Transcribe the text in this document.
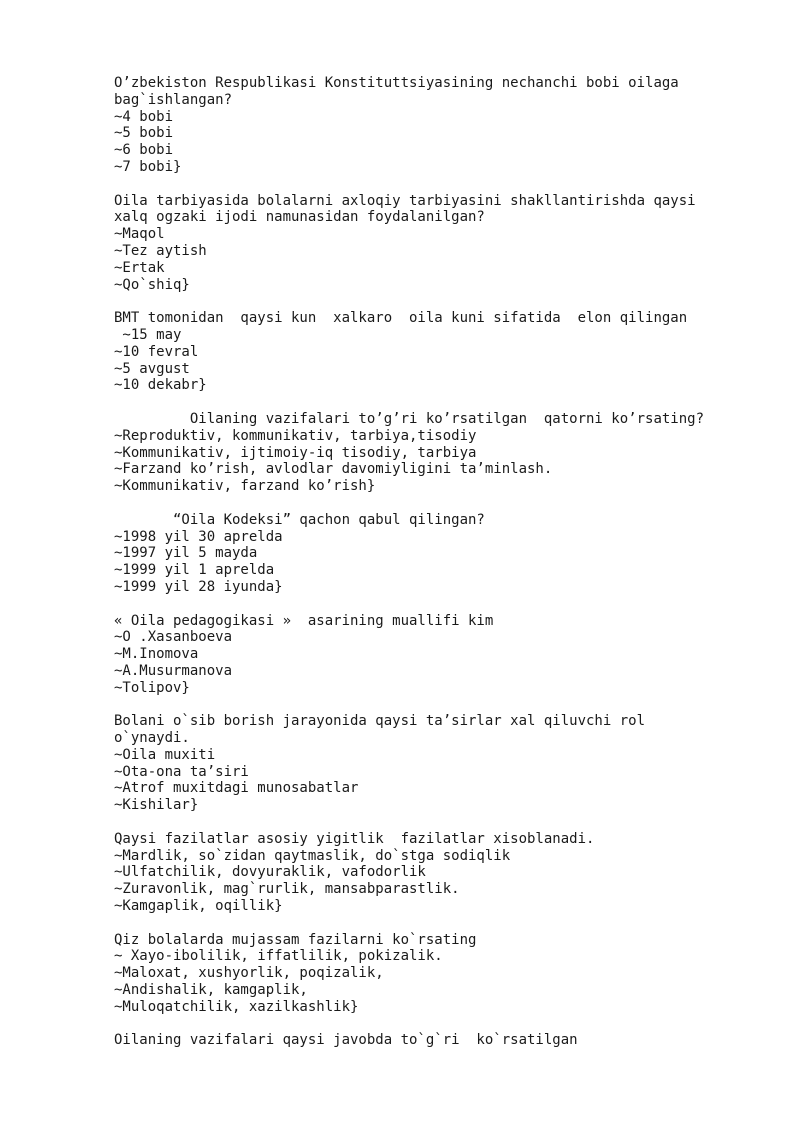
O’zbekiston Respublikasi Konstituttsiyasining nechanchi bobi oilaga
bag`ishlangan?
~4 bobi
~5 bobi
~6 bobi
~7 bobi}
Oila tarbiyasida bolalarni axloqiy tarbiyasini shakllantirishda qaysi
xalq ogzaki ijodi namunasidan foydalanilgan?
~Maqol
~Tez aytish
~Ertak
~Qo`shiq}
BMT tomonidan  qaysi kun  xalkaro  oila kuni sifatida  elon qilingan
~15 may
~10 fevral
~5 avgust
~10 dekabr}
Oilaning vazifalari to’g’ri ko’rsatilgan  qatorni ko’rsating?
~Reproduktiv, kommunikativ, tarbiya,tisodiy
~Kommunikativ, ijtimoiy-iq tisodiy, tarbiya
~Farzand ko’rish, avlodlar davomiyligini ta’minlash.
~Kommunikativ, farzand ko’rish}
“Oila Kodeksi” qachon qabul qilingan?
~1998 yil 30 aprelda
~1997 yil 5 mayda
~1999 yil 1 aprelda
~1999 yil 28 iyunda}
« Oila pedagogikasi »  asarining muallifi kim
~O .Xasanboeva
~M.Inomova
~A.Musurmanova
~Tolipov}
Bolani o`sib borish jarayonida qaysi ta’sirlar xal qiluvchi rol
o`ynaydi.
~Oila muxiti
~Ota-ona ta’siri
~Atrof muxitdagi munosabatlar
~Kishilar}
Qaysi fazilatlar asosiy yigitlik  fazilatlar xisoblanadi.
~Mardlik, so`zidan qaytmaslik, do`stga sodiqlik
~Ulfatchilik, dovyuraklik, vafodorlik
~Zuravonlik, mag`rurlik, mansabparastlik.
~Kamgaplik, oqillik}
Qiz bolalarda mujassam fazilarni ko`rsating
~ Xayo-ibolilik, iffatlilik, pokizalik.
~Maloxat, xushyorlik, poqizalik,
~Andishalik, kamgaplik,
~Muloqatchilik, xazilkashlik}
Oilaning vazifalari qaysi javobda to`g`ri  ko`rsatilgan
